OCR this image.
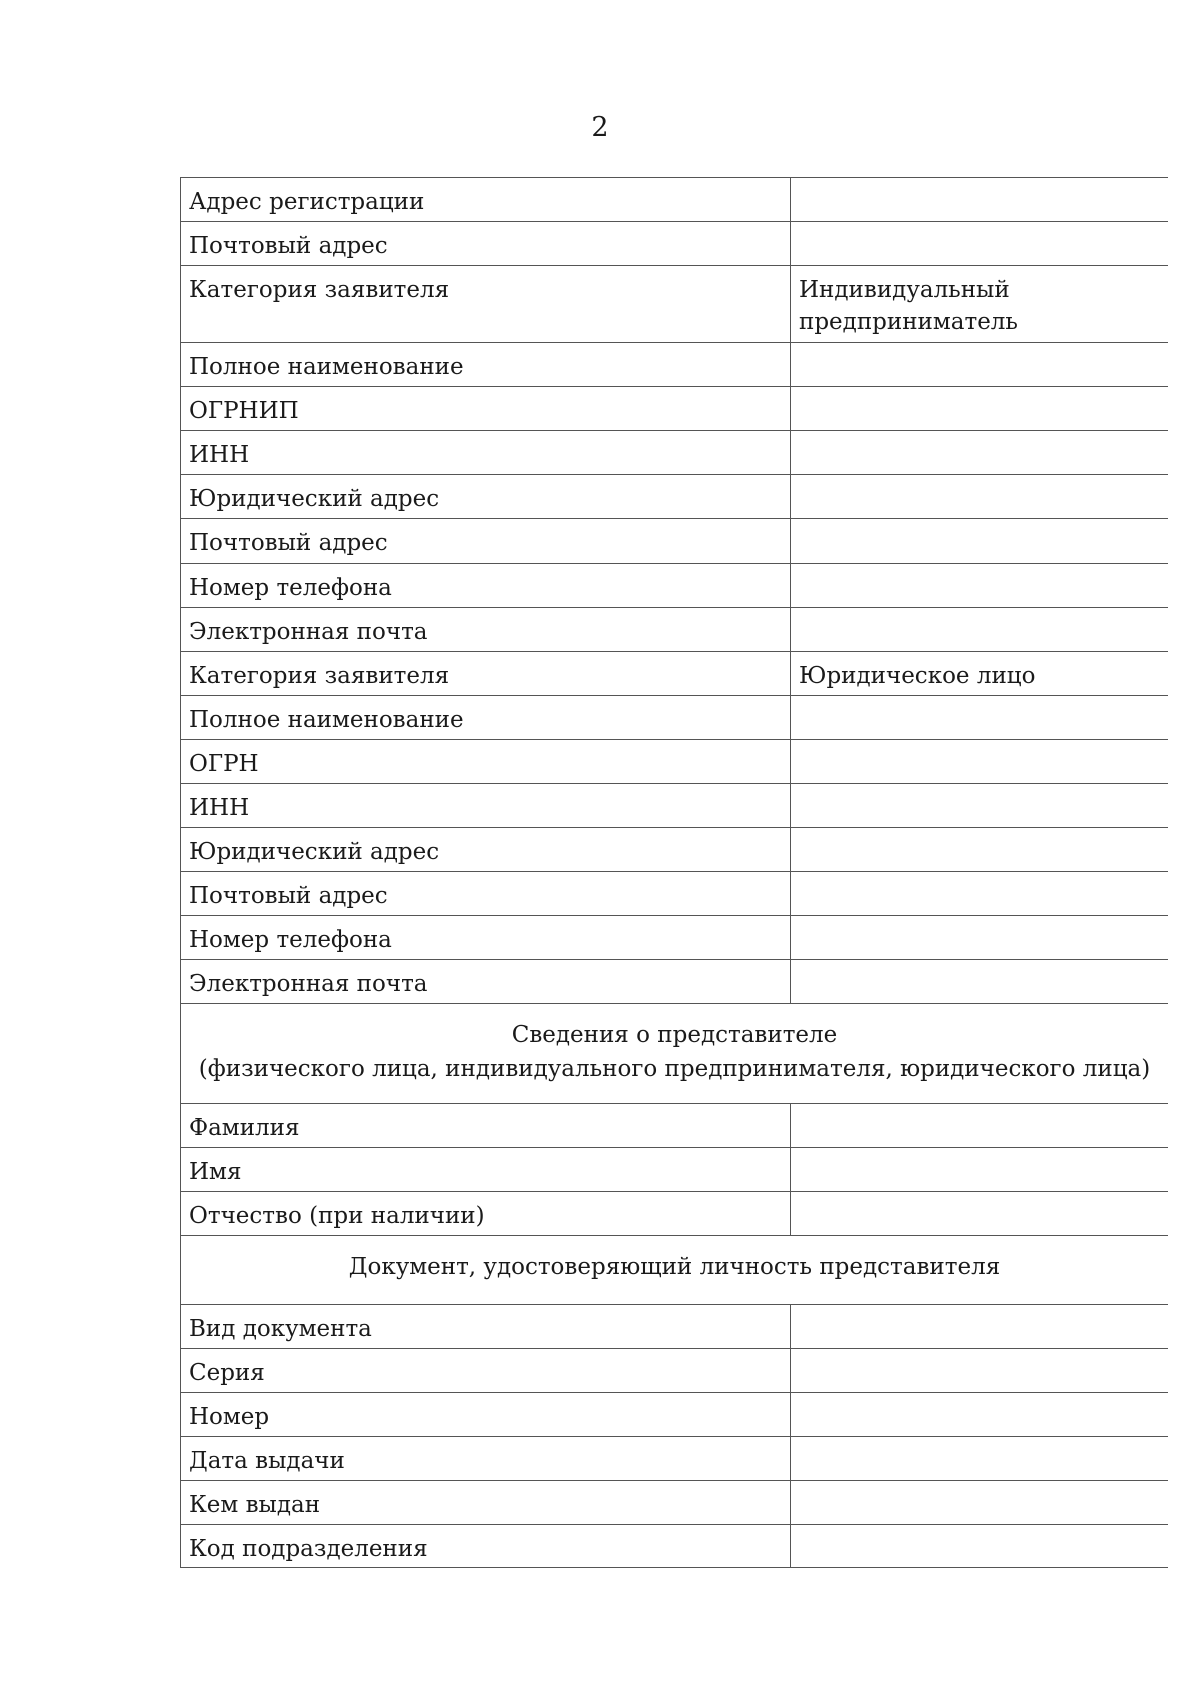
2
Адрес регистрации
Почтовый адрес
Категория заявителя	Индивидуальный
предприниматель
Полное наименование
ОГРНИП
ИНН
Юридический адрес
Почтовый адрес
Номер телефона
Электронная почта
Категория заявителя	Юридическое лицо
Полное наименование
ОГРН
ИНН
Юридический адрес
Почтовый адрес
Номер телефона
Электронная почта
Сведения о представителе
(физического лица, индивидуального предпринимателя, юридического лица)
Фамилия
Имя
Отчество (при наличии)
Документ, удостоверяющий личность представителя
Вид документа
Серия
Номер
Дата выдачи
Кем выдан
Код подразделения
